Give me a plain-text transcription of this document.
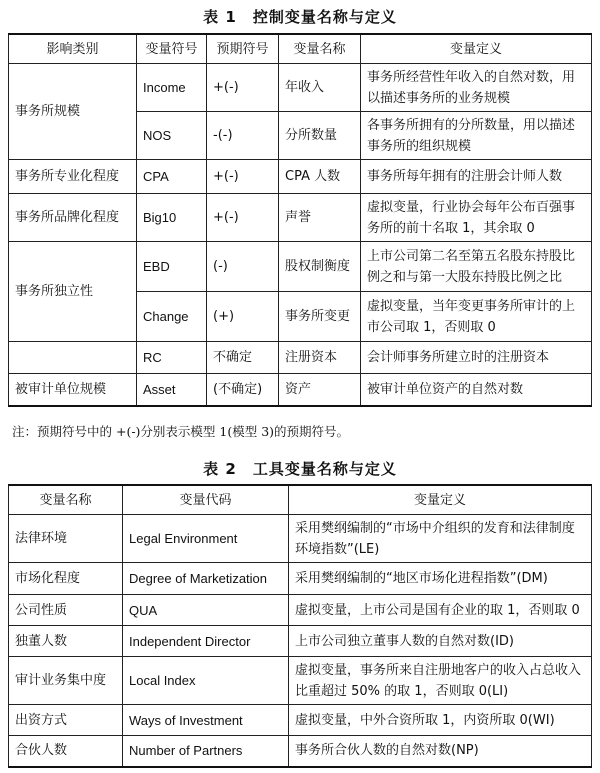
表 1　控制变量名称与定义
影响类别	变量符号	预期符号	变量名称	变量定义
事务所规模	Income	+(-)	年收入	事务所经营性年收入的自然对数，用以描述事务所的业务规模
	NOS	-(-)	分所数量	各事务所拥有的分所数量，用以描述事务所的组织规模
事务所专业化程度	CPA	+(-)	CPA 人数	事务所每年拥有的注册会计师人数
事务所品牌化程度	Big10	+(-)	声誉	虚拟变量，行业协会每年公布百强事务所的前十名取 1，其余取 0
事务所独立性	EBD	(-)	股权制衡度	上市公司第二名至第五名股东持股比例之和与第一大股东持股比例之比
	Change	(+)	事务所变更	虚拟变量，当年变更事务所审计的上市公司取 1，否则取 0
	RC	不确定	注册资本	会计师事务所建立时的注册资本
被审计单位规模	Asset	(不确定)	资产	被审计单位资产的自然对数
注：预期符号中的 +(-)分别表示模型 1(模型 3)的预期符号。
表 2　工具变量名称与定义
变量名称	变量代码	变量定义
法律环境	Legal Environment	采用樊纲编制的“市场中介组织的发育和法律制度环境指数”(LE)
市场化程度	Degree of Marketization	采用樊纲编制的“地区市场化进程指数”(DM)
公司性质	QUA	虚拟变量，上市公司是国有企业的取 1，否则取 0
独董人数	Independent Director	上市公司独立董事人数的自然对数(ID)
审计业务集中度	Local Index	虚拟变量，事务所来自注册地客户的收入占总收入比重超过 50% 的取 1，否则取 0(LI)
出资方式	Ways of Investment	虚拟变量，中外合资所取 1，内资所取 0(WI)
合伙人数	Number of Partners	事务所合伙人数的自然对数(NP)
